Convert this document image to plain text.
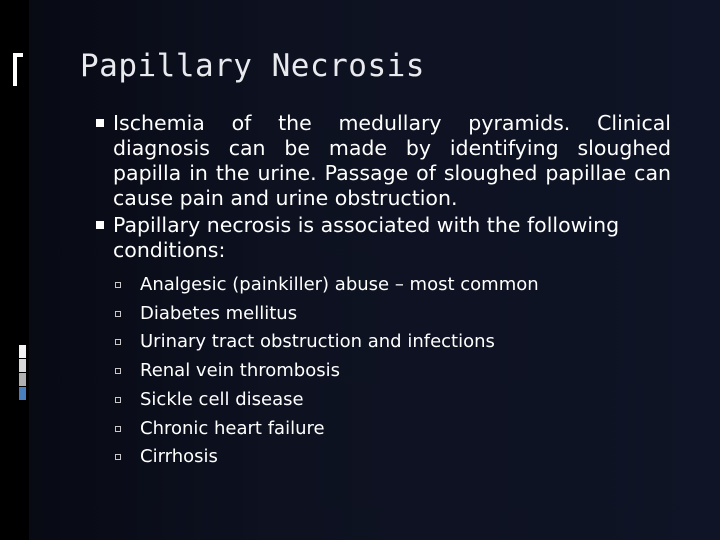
Papillary Necrosis
Ischemia of the medullary pyramids. Clinical diagnosis can be made by identifying sloughed papilla in the urine. Passage of sloughed papillae can cause pain and urine obstruction.
Papillary necrosis is associated with the following conditions:
Analgesic (painkiller) abuse – most common
Diabetes mellitus
Urinary tract obstruction and infections
Renal vein thrombosis
Sickle cell disease
Chronic heart failure
Cirrhosis
